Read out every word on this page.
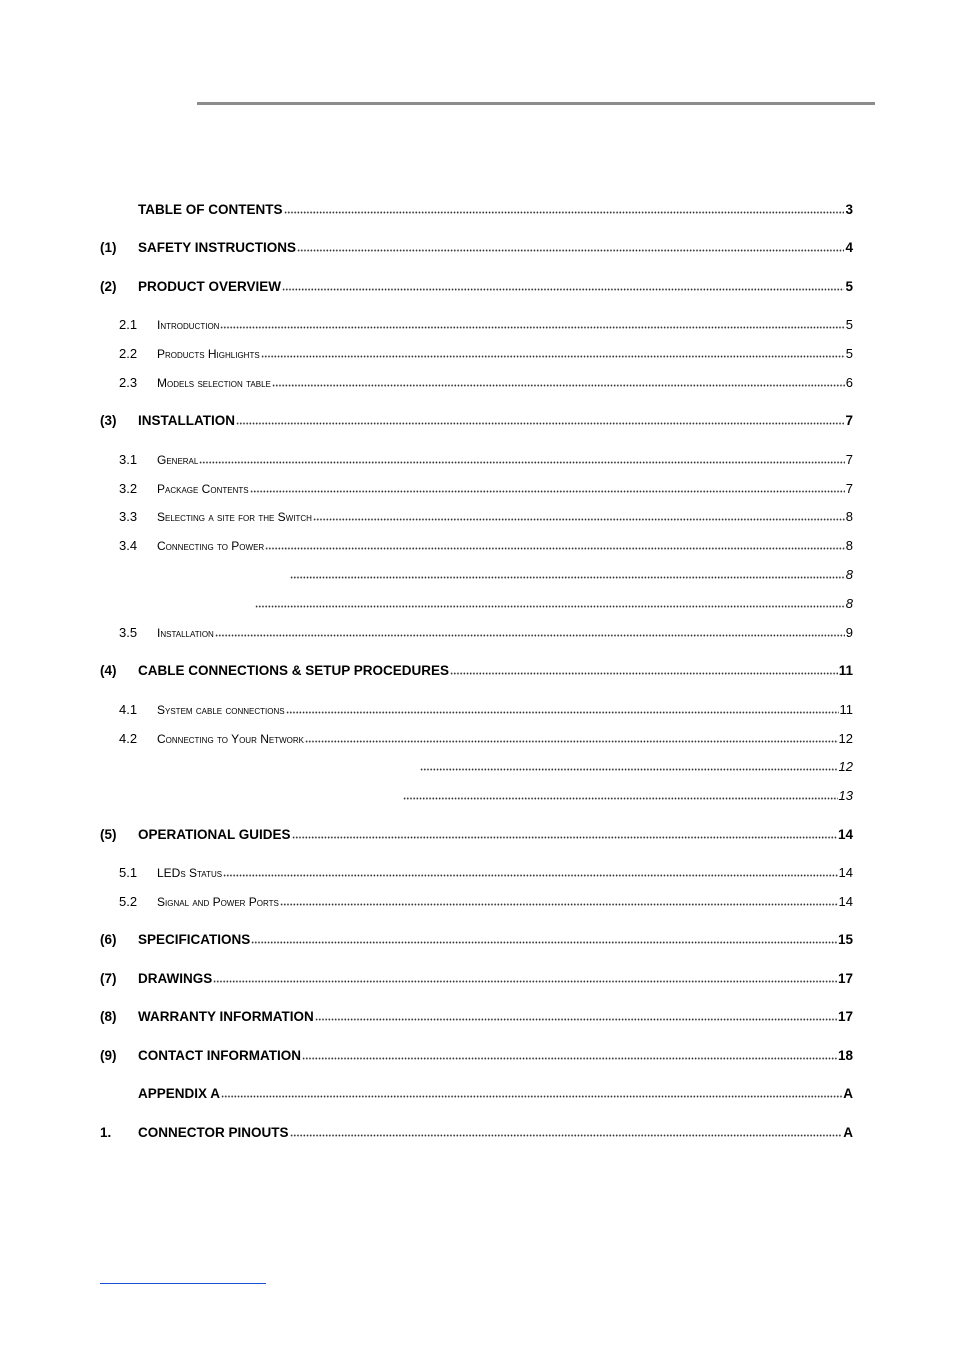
TABLE OF CONTENTS	3
(1)	SAFETY INSTRUCTIONS	4
(2)	PRODUCT OVERVIEW	5
2.1	Introduction	5
2.2	Products Highlights	5
2.3	Models selection table	6
(3)	INSTALLATION	7
3.1	General	7
3.2	Package Contents	7
3.3	Selecting a site for the Switch	8
3.4	Connecting to Power	8
8
8
3.5	Installation	9
(4)	CABLE CONNECTIONS & SETUP PROCEDURES	11
4.1	System cable connections	11
4.2	Connecting to Your Network	12
12
13
(5)	OPERATIONAL GUIDES	14
5.1	LEDs Status	14
5.2	Signal and Power Ports	14
(6)	SPECIFICATIONS	15
(7)	DRAWINGS	17
(8)	WARRANTY INFORMATION	17
(9)	CONTACT INFORMATION	18
APPENDIX A	A
1.	CONNECTOR PINOUTS	A
